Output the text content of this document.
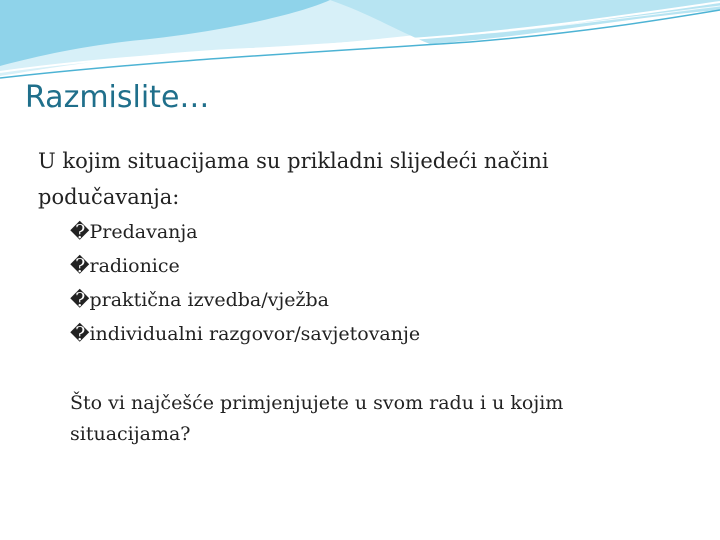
Razmislite…

U kojim situacijama su prikladni slijedeći načini
podučavanja:

�Predavanja
�radionice
�praktična izvedba/vježba
�individualni razgovor/savjetovanje

Što vi najčešće primjenjujete u svom radu i u kojim
situacijama?
